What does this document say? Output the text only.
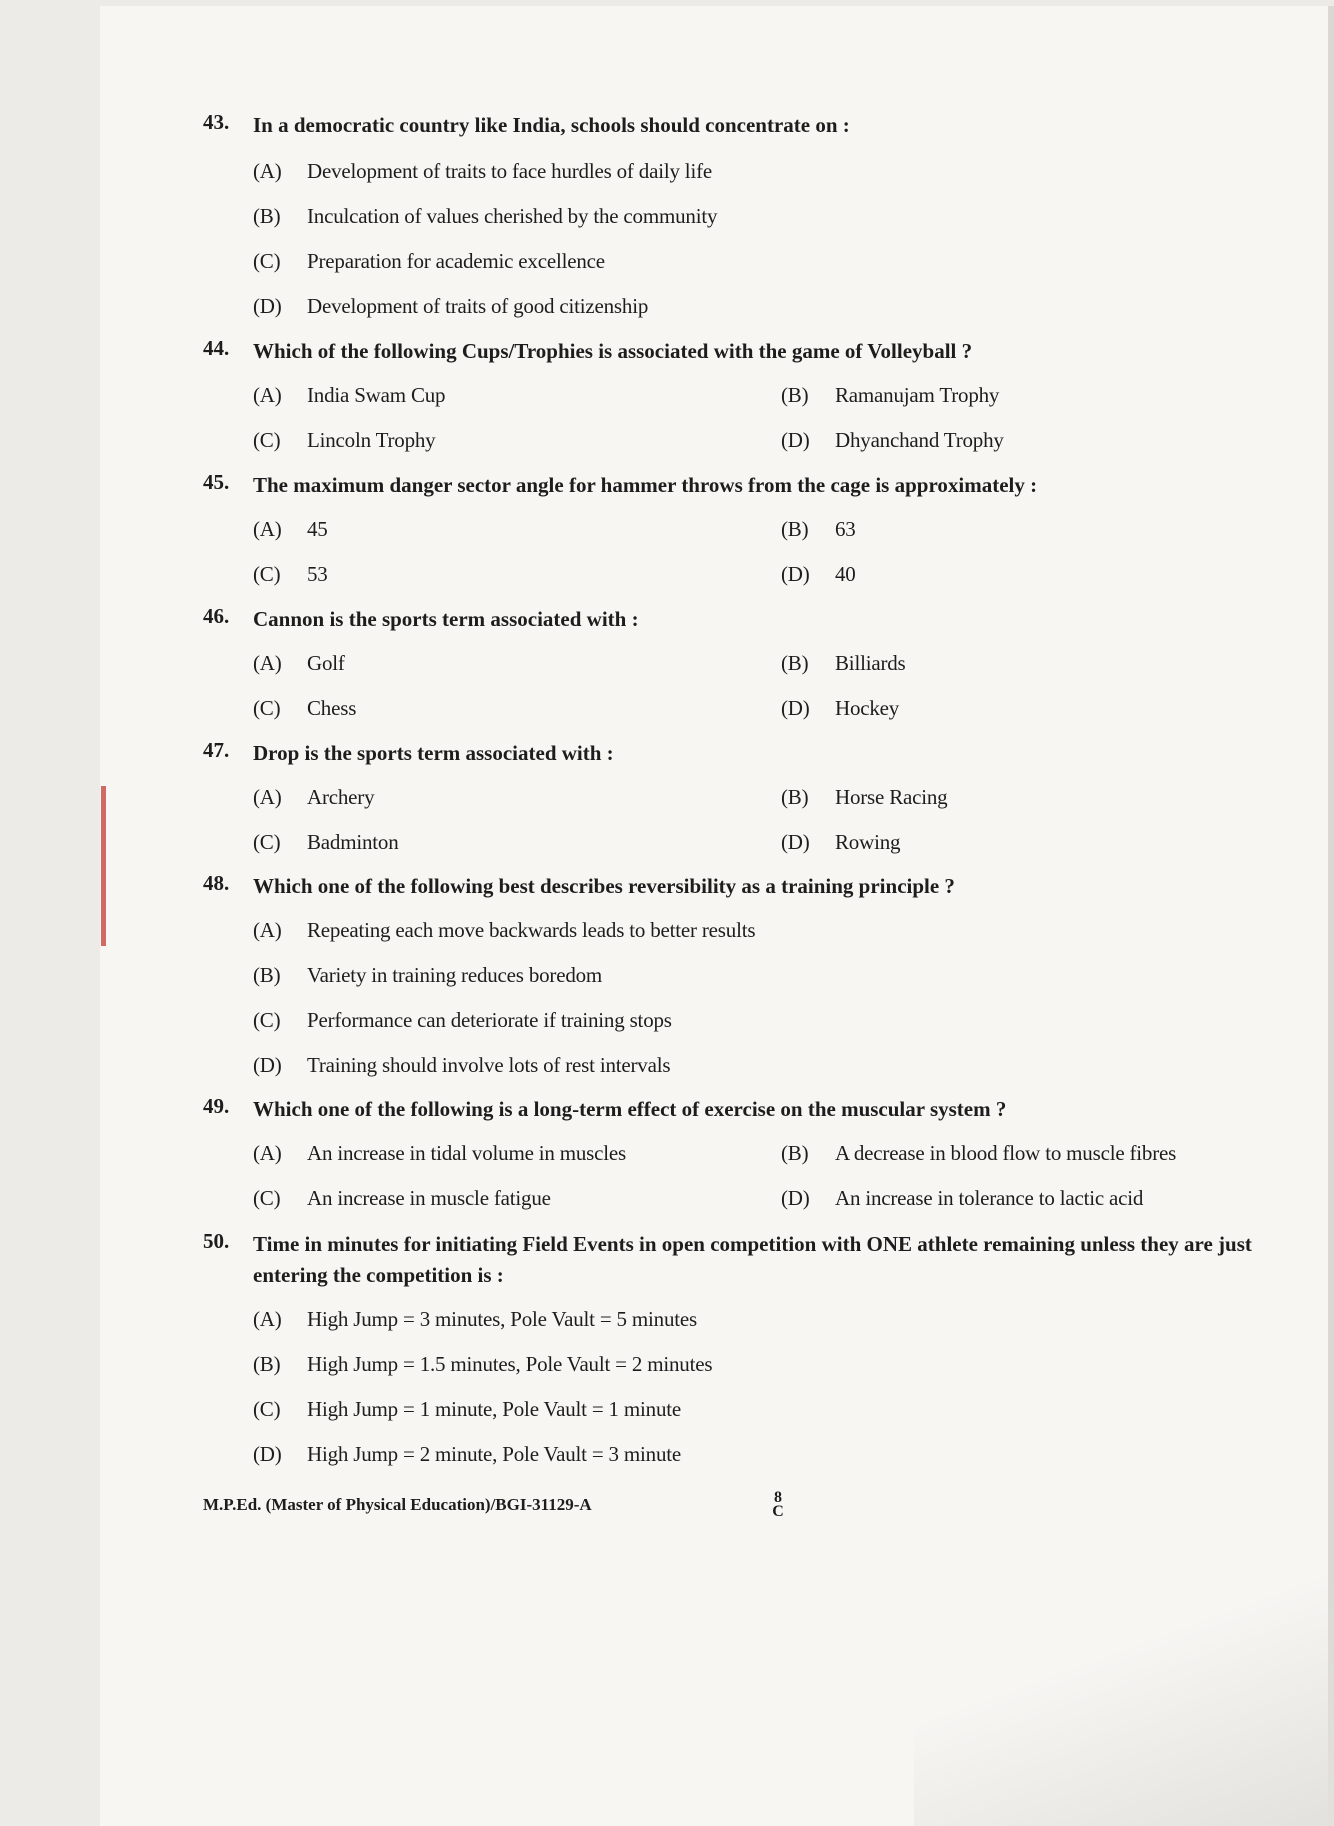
43.	In a democratic country like India, schools should concentrate on :
(A) Development of traits to face hurdles of daily life
(B) Inculcation of values cherished by the community
(C) Preparation for academic excellence
(D) Development of traits of good citizenship
44.	Which of the following Cups/Trophies is associated with the game of Volleyball ?
(A) India Swam Cup	(B) Ramanujam Trophy
(C) Lincoln Trophy	(D) Dhyanchand Trophy
45.	The maximum danger sector angle for hammer throws from the cage is approximately :
(A) 45	(B) 63
(C) 53	(D) 40
46.	Cannon is the sports term associated with :
(A) Golf	(B) Billiards
(C) Chess	(D) Hockey
47.	Drop is the sports term associated with :
(A) Archery	(B) Horse Racing
(C) Badminton	(D) Rowing
48.	Which one of the following best describes reversibility as a training principle ?
(A) Repeating each move backwards leads to better results
(B) Variety in training reduces boredom
(C) Performance can deteriorate if training stops
(D) Training should involve lots of rest intervals
49.	Which one of the following is a long-term effect of exercise on the muscular system ?
(A) An increase in tidal volume in muscles	(B) A decrease in blood flow to muscle fibres
(C) An increase in muscle fatigue	(D) An increase in tolerance to lactic acid
50.	Time in minutes for initiating Field Events in open competition with ONE athlete remaining unless they are just entering the competition is :
(A) High Jump = 3 minutes, Pole Vault = 5 minutes
(B) High Jump = 1.5 minutes, Pole Vault = 2 minutes
(C) High Jump = 1 minute, Pole Vault = 1 minute
(D) High Jump = 2 minute, Pole Vault = 3 minute
M.P.Ed. (Master of Physical Education)/BGI-31129-A	8
C
